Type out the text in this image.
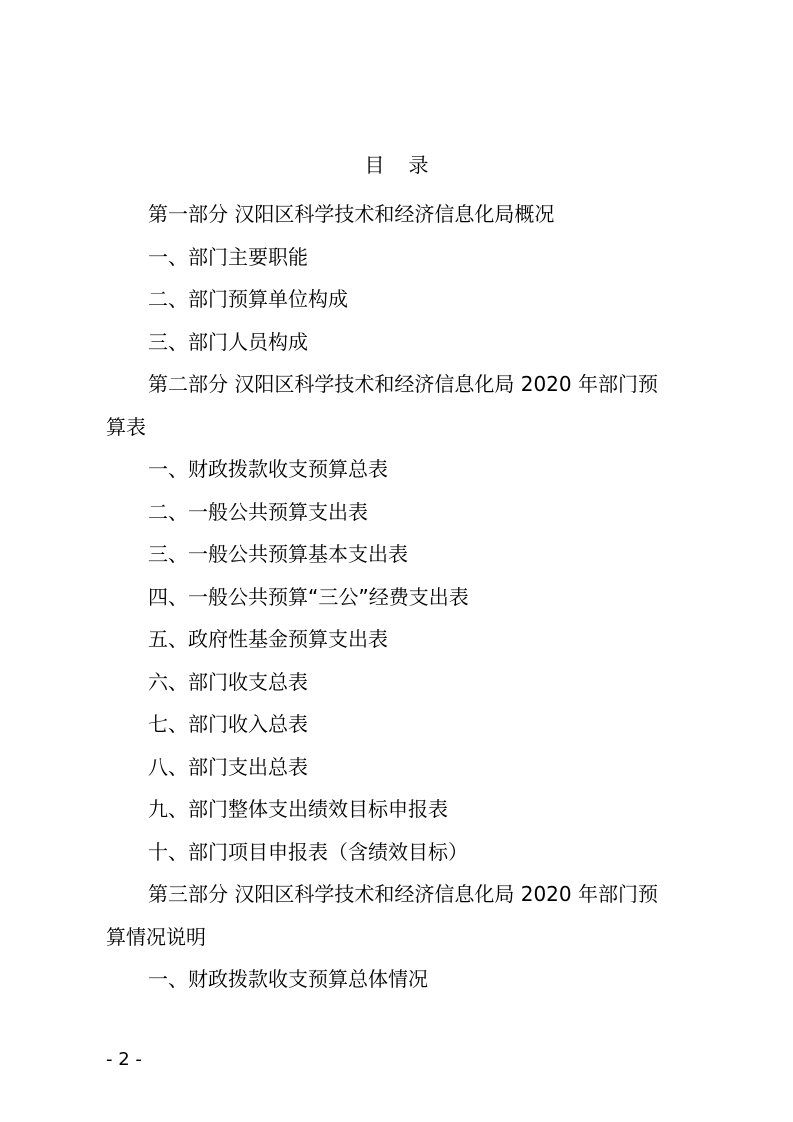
目录
第一部分 汉阳区科学技术和经济信息化局概况
一、部门主要职能
二、部门预算单位构成
三、部门人员构成
第二部分 汉阳区科学技术和经济信息化局 2020 年部门预
算表
一、财政拨款收支预算总表
二、一般公共预算支出表
三、一般公共预算基本支出表
四、一般公共预算“三公”经费支出表
五、政府性基金预算支出表
六、部门收支总表
七、部门收入总表
八、部门支出总表
九、部门整体支出绩效目标申报表
十、部门项目申报表（含绩效目标）
第三部分 汉阳区科学技术和经济信息化局 2020 年部门预
算情况说明
一、财政拨款收支预算总体情况
- 2 -
